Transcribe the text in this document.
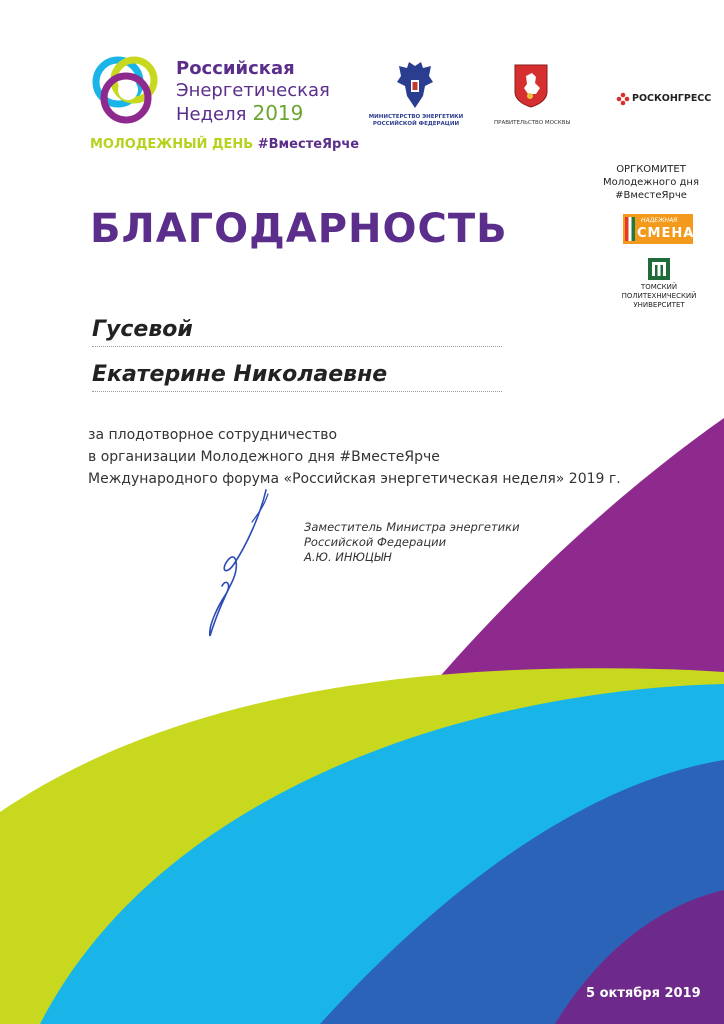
Российская
Энергетическая
Неделя 2019
МОЛОДЕЖНЫЙ ДЕНЬ #ВместеЯрче
МИНИСТЕРСТВО ЭНЕРГЕТИКИ
РОССИЙСКОЙ ФЕДЕРАЦИИ	ПРАВИТЕЛЬСТВО МОСКВЫ
РОСКОНГРЕСС
ОРГКОМИТЕТ
Молодежного дня
#ВместеЯрче
НАДЕЖНАЯ
СМЕНА
ТОМСКИЙ
ПОЛИТЕХНИЧЕСКИЙ
УНИВЕРСИТЕТ
БЛАГОДАРНОСТЬ
Гусевой
Екатерине Николаевне
за плодотворное сотрудничество
в организации Молодежного дня #ВместеЯрче
Международного форума «Российская энергетическая неделя» 2019 г.
Заместитель Министра энергетики
Российской Федерации
А.Ю. ИНЮЦЫН
5 октября 2019
